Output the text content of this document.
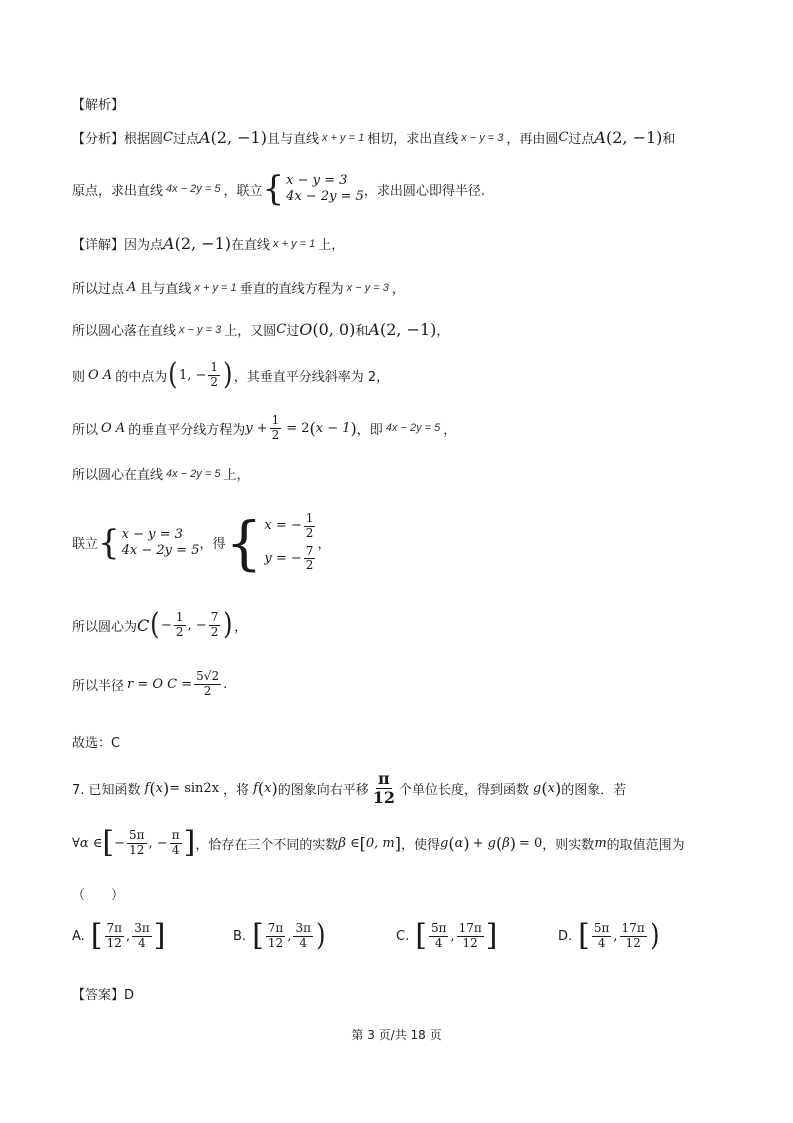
【解析】
【分析】根据圆 C 过点 A ( 2, −1 ) 且与直线 x + y = 1 相切，求出直线 x − y = 3 ，再由圆 C 过点 A ( 2, −1 ) 和
原点，求出直线 4x − 2y = 5 ，联立 { x − y = 3
4x − 2y = 5 ，求出圆心即得半径.
【详解】因为点 A ( 2, −1 ) 在直线 x + y = 1 上，
所以过点 A 且与直线 x + y = 1 垂直的直线方程为 x − y = 3 ，
所以圆心落在直线 x − y = 3 上，又圆 C 过 O ( 0, 0 ) 和 A ( 2, −1 ) ，
则 O A 的中点为 ( 1, − $\frac{1}{2}$ ) ，其垂直平分线斜率为 2，
所以 O A 的垂直平分线方程为 $y + \frac{1}{2} = 2$ ( x − 1 ) ，即 4x − 2y = 5 ，
所以圆心在直线 4x − 2y = 5 上，
联立 { x − y = 3
4x − 2y = 5 ，得 { x = − $\frac{1}{2}$
y = − $\frac{7}{2}$ ，
所以圆心为 C ( − $\frac{1}{2}$ , − $\frac{7}{2}$ ) ，
所以半径 r = O $C = \frac{5√2}{2}$ .
故选：C
7. 已知函数 f ( x ) = sin2x ，将 f ( x ) 的图象向右平移 $\frac{\pi}{12}$ 个单位长度，得到函数 g ( x ) 的图象．若
∀α ∈ [ − $\frac{5\pi}{12}$ , − $\frac{\pi}{4}$ ] ，恰存在三个不同的实数 β ∈ [ 0, m ] ，使得 g ( α ) + g ( β ) = 0 ，则实数 m 的取值范围为
（　　）
A. [ $\frac{7\pi}{12}$ , $\frac{3\pi}{4}$ ]	B. [ $\frac{7\pi}{12}$ , $\frac{3\pi}{4}$ )	C. [ $\frac{5\pi}{4}$ , $\frac{17\pi}{12}$ ]	D. [ $\frac{5\pi}{4}$ , $\frac{17\pi}{12}$ )
【答案】D
第 3 页/共 18 页
